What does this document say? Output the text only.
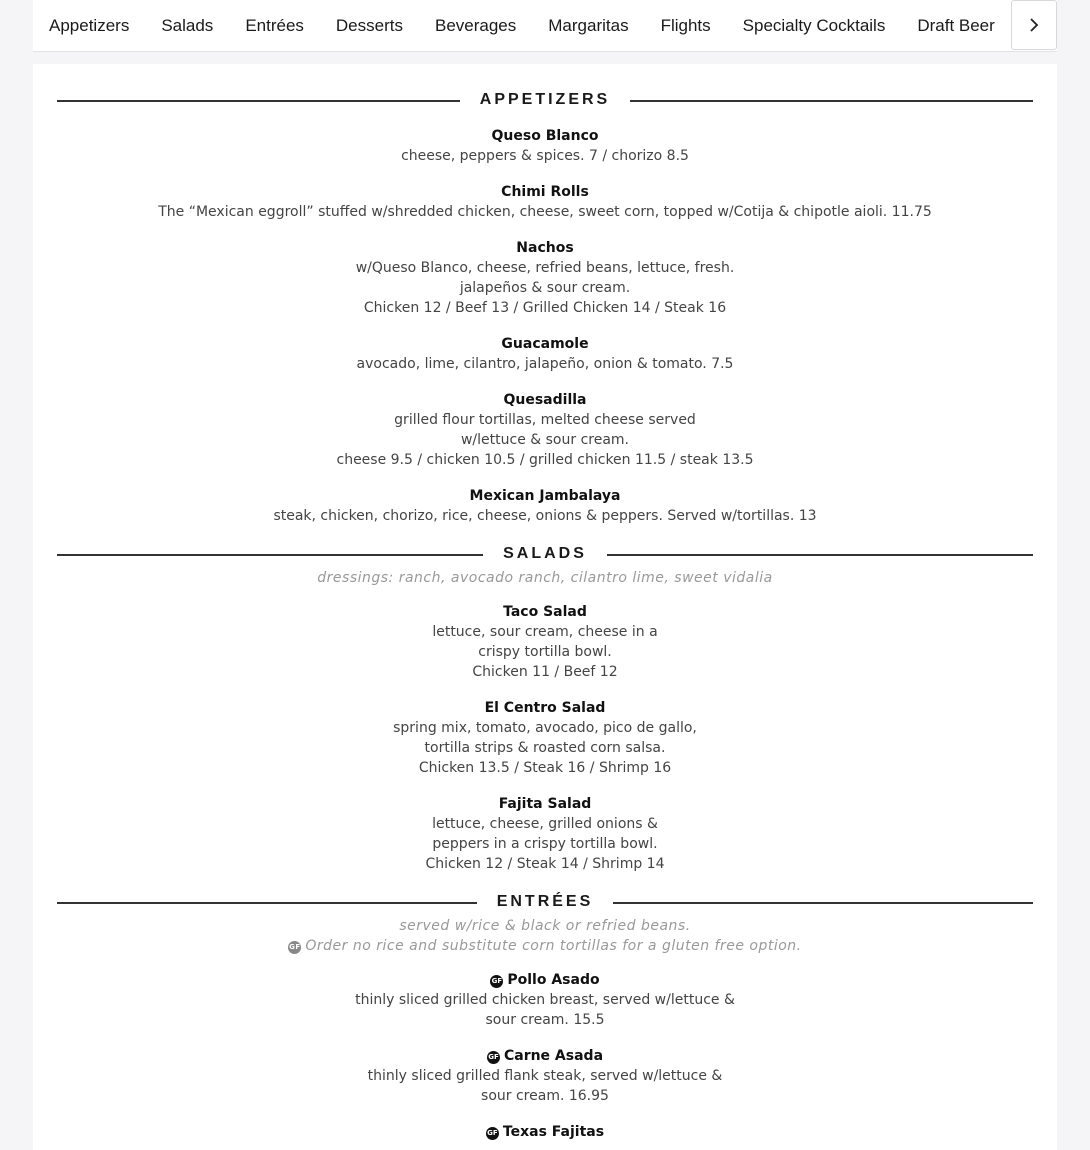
Appetizers Salads Entrées Desserts Beverages Margaritas Flights Specialty Cocktails Draft Beer
APPETIZERS
Queso Blanco
cheese, peppers & spices. 7 / chorizo 8.5
Chimi Rolls
The “Mexican eggroll” stuffed w/shredded chicken, cheese, sweet corn, topped w/Cotija & chipotle aioli. 11.75
Nachos
w/Queso Blanco, cheese, refried beans, lettuce, fresh.
jalapeños & sour cream.
Chicken 12 / Beef 13 / Grilled Chicken 14 / Steak 16
Guacamole
avocado, lime, cilantro, jalapeño, onion & tomato. 7.5
Quesadilla
grilled flour tortillas, melted cheese served
w/lettuce & sour cream.
cheese 9.5 / chicken 10.5 / grilled chicken 11.5 / steak 13.5
Mexican Jambalaya
steak, chicken, chorizo, rice, cheese, onions & peppers. Served w/tortillas. 13
SALADS
dressings: ranch, avocado ranch, cilantro lime, sweet vidalia
Taco Salad
lettuce, sour cream, cheese in a
crispy tortilla bowl.
Chicken 11 / Beef 12
El Centro Salad
spring mix, tomato, avocado, pico de gallo,
tortilla strips & roasted corn salsa.
Chicken 13.5 / Steak 16 / Shrimp 16
Fajita Salad
lettuce, cheese, grilled onions &
peppers in a crispy tortilla bowl.
Chicken 12 / Steak 14 / Shrimp 14
ENTRÉES
served w/rice & black or refried beans.
GF Order no rice and substitute corn tortillas for a gluten free option.
GF Pollo Asado
thinly sliced grilled chicken breast, served w/lettuce &
sour cream. 15.5
GF Carne Asada
thinly sliced grilled flank steak, served w/lettuce &
sour cream. 16.95
GF Texas Fajitas
